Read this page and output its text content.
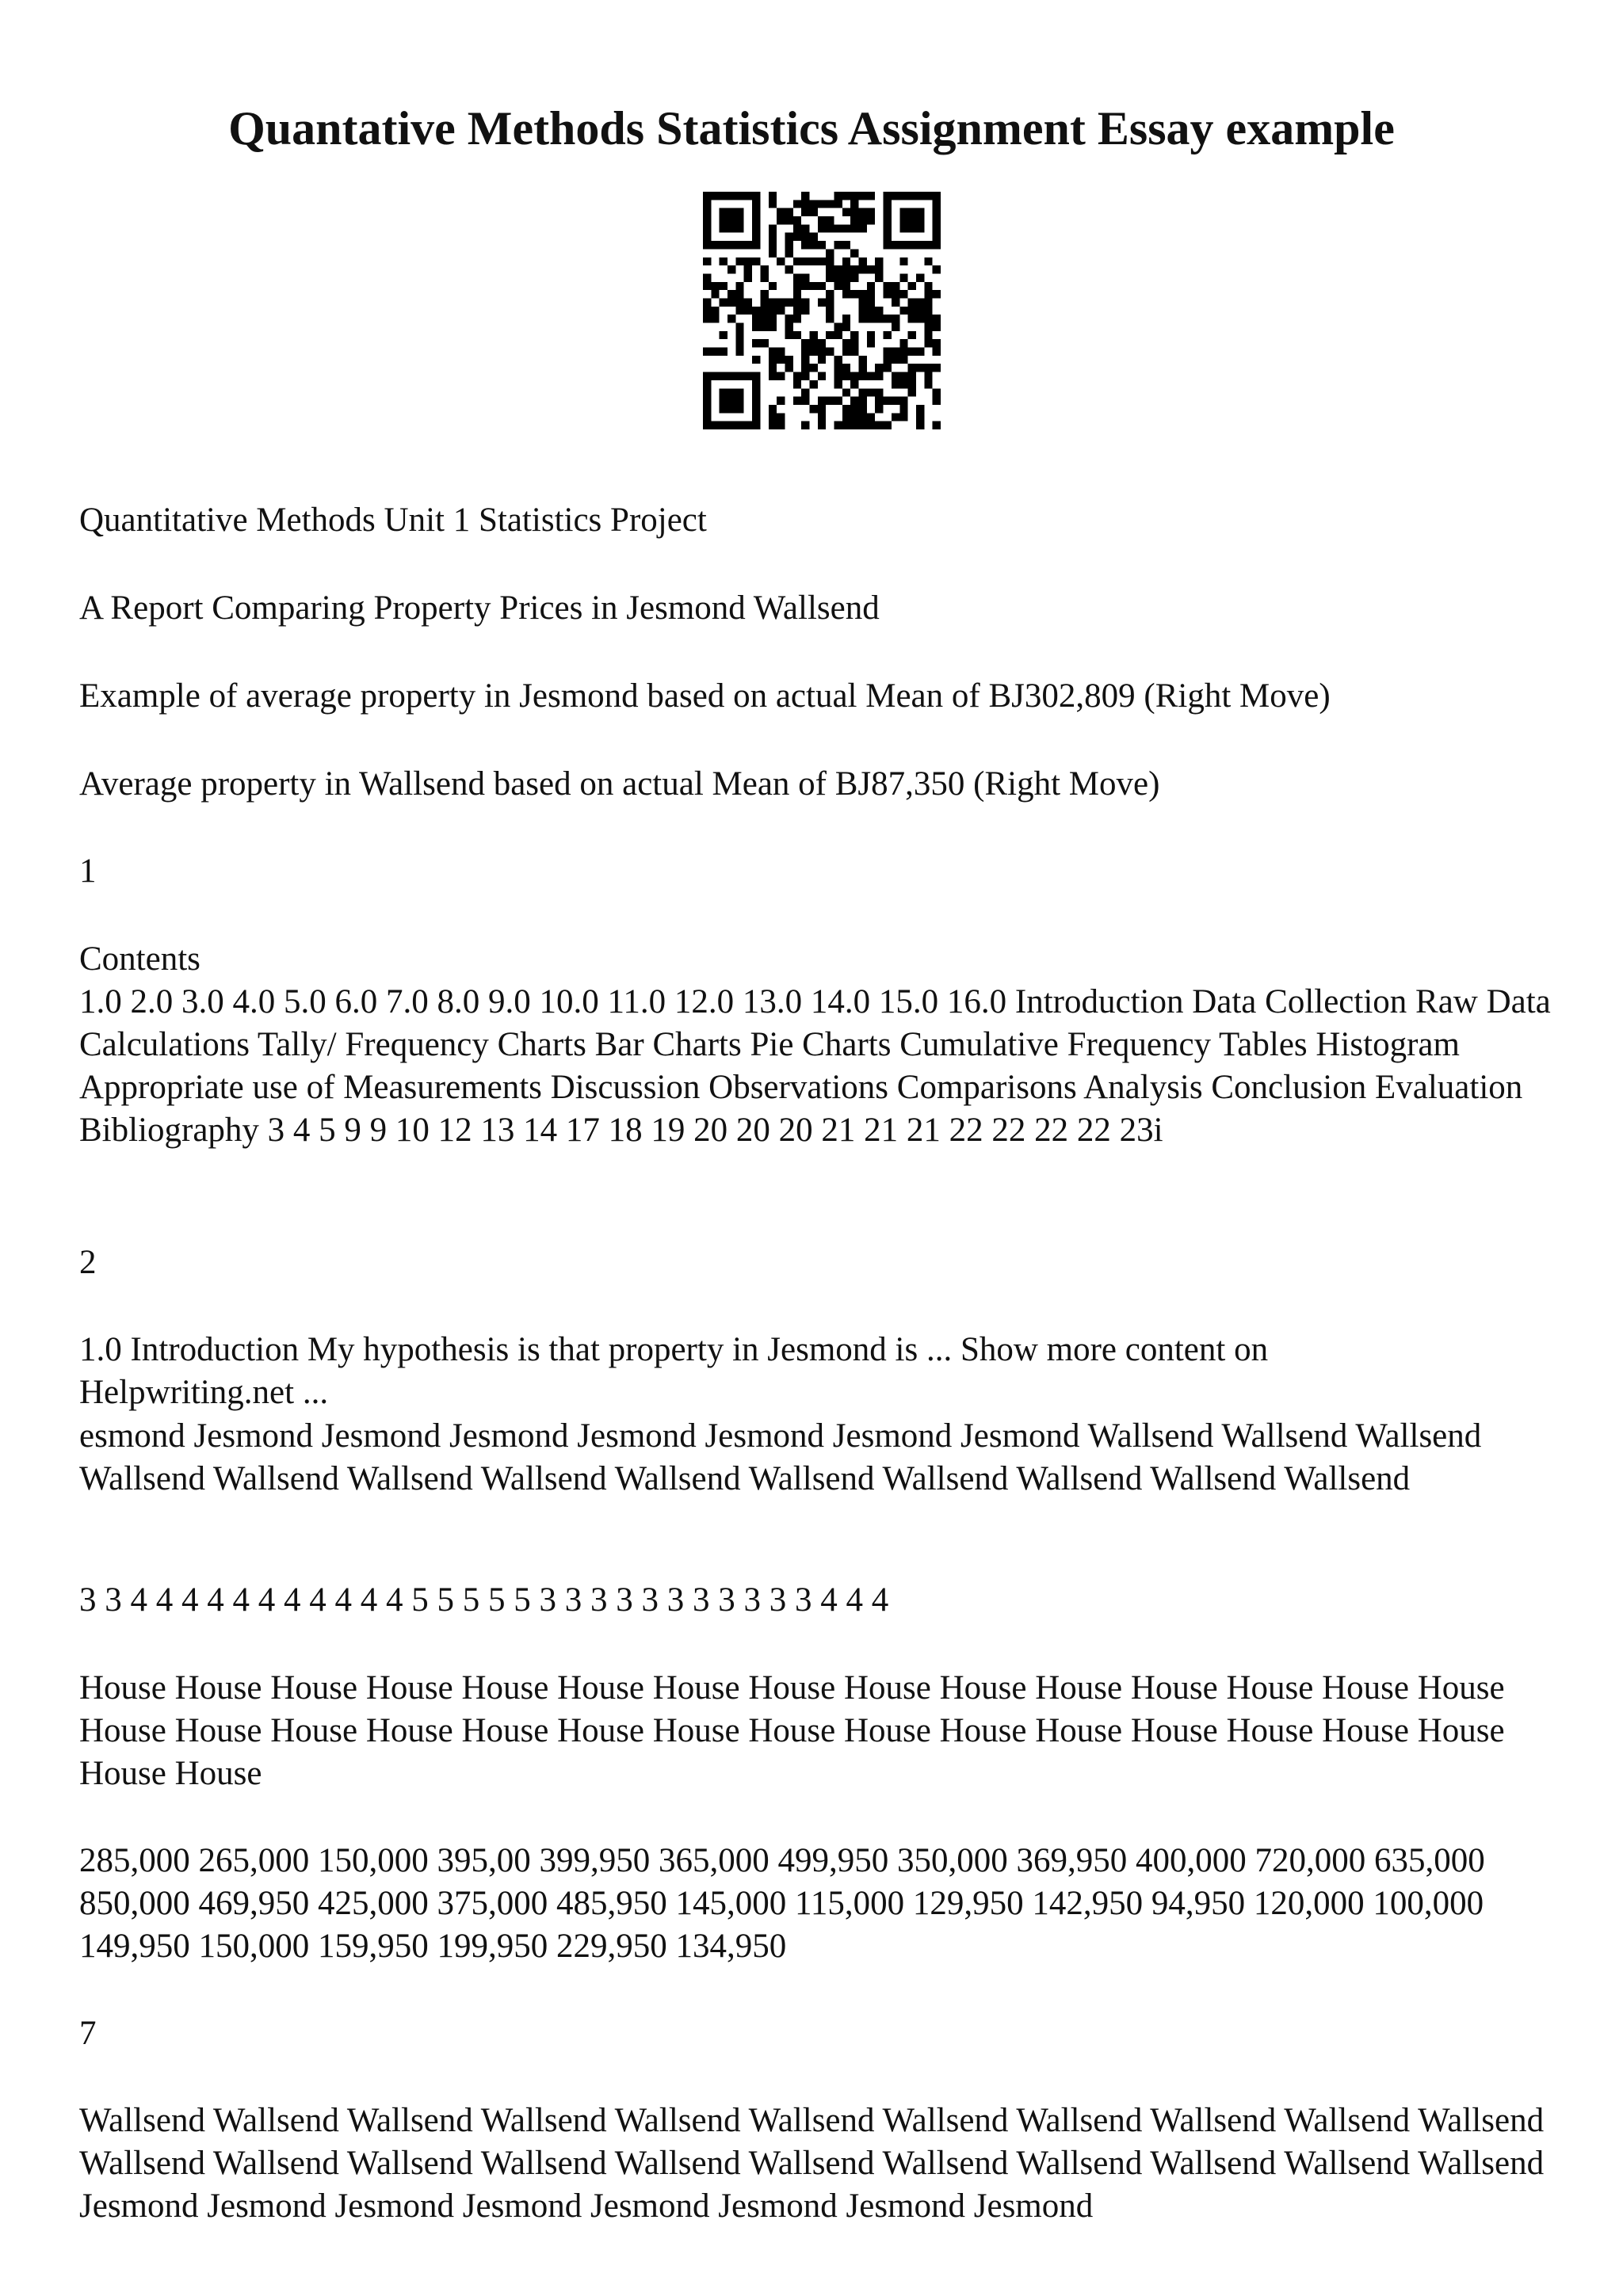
Quantative Methods Statistics Assignment Essay example

Quantitative Methods Unit 1 Statistics Project

A Report Comparing Property Prices in Jesmond Wallsend

Example of average property in Jesmond based on actual Mean of BJ302,809 (Right Move)

Average property in Wallsend based on actual Mean of BЈ87,350 (Right Move)

1

Contents

1.0 2.0 3.0 4.0 5.0 6.0 7.0 8.0 9.0 10.0 11.0 12.0 13.0 14.0 15.0 16.0 Introduction Data Collection Raw Data Calculations Tally/ Frequency Charts Bar Charts Pie Charts Cumulative Frequency Tables Histogram Appropriate use of Measurements Discussion Observations Comparisons Analysis Conclusion Evaluation Bibliography 3 4 5 9 9 10 12 13 14 17 18 19 20 20 20 21 21 21 22 22 22 22 23i

2

1.0 Introduction My hypothesis is that property in Jesmond is ... Show more content on Helpwriting.net ...

esmond Jesmond Jesmond Jesmond Jesmond Jesmond Jesmond Jesmond Wallsend Wallsend Wallsend Wallsend Wallsend Wallsend Wallsend Wallsend Wallsend Wallsend Wallsend Wallsend Wallsend

3 3 4 4 4 4 4 4 4 4 4 4 4 5 5 5 5 5 3 3 3 3 3 3 3 3 3 3 3 4 4 4

House House House House House House House House House House House House House House House House House House House House House House House House House House House House House House House House

285,000 265,000 150,000 395,00 399,950 365,000 499,950 350,000 369,950 400,000 720,000 635,000 850,000 469,950 425,000 375,000 485,950 145,000 115,000 129,950 142,950 94,950 120,000 100,000 149,950 150,000 159,950 199,950 229,950 134,950

7

Wallsend Wallsend Wallsend Wallsend Wallsend Wallsend Wallsend Wallsend Wallsend Wallsend Wallsend Wallsend Wallsend Wallsend Wallsend Wallsend Wallsend Wallsend Wallsend Wallsend Wallsend Wallsend Jesmond Jesmond Jesmond Jesmond Jesmond Jesmond Jesmond Jesmond
